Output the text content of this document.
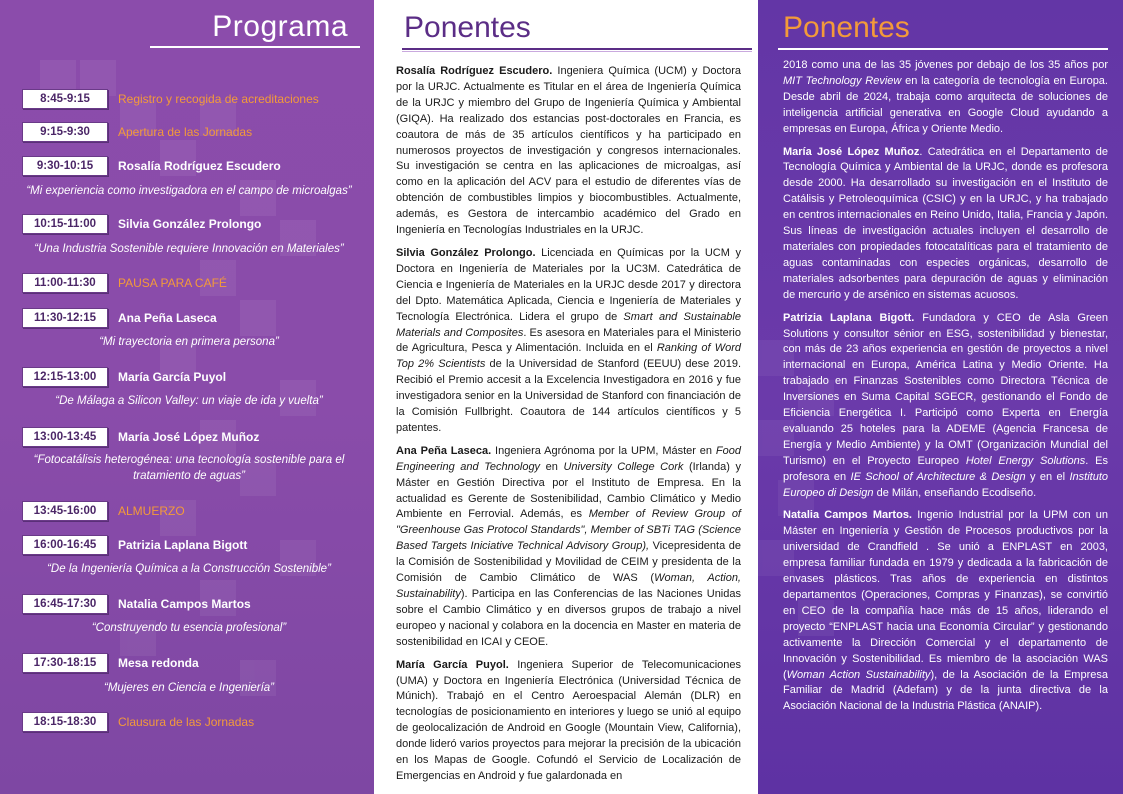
Programa
8:45-9:15	Registro y recogida de acreditaciones
9:15-9:30	Apertura de las Jornadas
9:30-10:15	Rosalía Rodríguez Escudero
“Mi experiencia como investigadora en el campo de microalgas”
10:15-11:00	Silvia González Prolongo
“Una Industria Sostenible requiere Innovación en Materiales”
11:00-11:30	PAUSA PARA CAFÉ
11:30-12:15	Ana Peña Laseca
“Mi trayectoria en primera persona”
12:15-13:00	María García Puyol
“De Málaga a Silicon Valley: un viaje de ida y vuelta”
13:00-13:45	María José López Muñoz
“Fotocatálisis heterogénea: una tecnología sostenible para el tratamiento de aguas”
13:45-16:00	ALMUERZO
16:00-16:45	Patrizia Laplana Bigott
“De la Ingeniería Química a la Construcción Sostenible”
16:45-17:30	Natalia Campos Martos
“Construyendo tu esencia profesional”
17:30-18:15	Mesa redonda
“Mujeres en Ciencia e Ingeniería”
18:15-18:30	Clausura de las Jornadas
Ponentes

Rosalía Rodríguez Escudero. Ingeniera Química (UCM) y Doctora por la URJC. Actualmente es Titular en el área de Ingeniería Química de la URJC y miembro del Grupo de Ingeniería Química y Ambiental (GIQA). Ha realizado dos estancias post-doctorales en Francia, es coautora de más de 35 artículos científicos y ha participado en numerosos proyectos de investigación y congresos internacionales. Su investigación se centra en las aplicaciones de microalgas, así como en la aplicación del ACV para el estudio de diferentes vías de obtención de combustibles limpios y biocombustibles. Actualmente, además, es Gestora de intercambio académico del Grado en Ingeniería en Tecnologías Industriales en la URJC.

Silvia González Prolongo. Licenciada en Químicas por la UCM y Doctora en Ingeniería de Materiales por la UC3M. Catedrática de Ciencia e Ingeniería de Materiales en la URJC desde 2017 y directora del Dpto. Matemática Aplicada, Ciencia e Ingeniería de Materiales y Tecnología Electrónica. Lidera el grupo de Smart and Sustainable Materials and Composites. Es asesora en Materiales para el Ministerio de Agricultura, Pesca y Alimentación. Incluida en el Ranking of Word Top 2% Scientists de la Universidad de Stanford (EEUU) dese 2019. Recibió el Premio accesit a la Excelencia Investigadora en 2016 y fue investigadora senior en la Universidad de Stanford con financiación de la Comisión Fullbright. Coautora de 144 artículos científicos y 5 patentes.

Ana Peña Laseca. Ingeniera Agrónoma por la UPM, Máster en Food Engineering and Technology en University College Cork (Irlanda) y Máster en Gestión Directiva por el Instituto de Empresa. En la actualidad es Gerente de Sostenibilidad, Cambio Climático y Medio Ambiente en Ferrovial. Además, es Member of Review Group of "Greenhouse Gas Protocol Standards", Member of SBTi TAG (Science Based Targets Iniciative Technical Advisory Group), Vicepresidenta de la Comisión de Sostenibilidad y Movilidad de CEIM y presidenta de la Comisión de Cambio Climático de WAS (Woman, Action, Sustainability). Participa en las Conferencias de las Naciones Unidas sobre el Cambio Climático y en diversos grupos de trabajo a nivel europeo y nacional y colabora en la docencia en Master en materia de sostenibilidad en ICAI y CEOE.

María García Puyol. Ingeniera Superior de Telecomunicaciones (UMA) y Doctora en Ingeniería Electrónica (Universidad Técnica de Múnich). Trabajó en el Centro Aeroespacial Alemán (DLR) en tecnologías de posicionamiento en interiores y luego se unió al equipo de geolocalización de Android en Google (Mountain View, California), donde lideró varios proyectos para mejorar la precisión de la ubicación en los Mapas de Google. Cofundó el Servicio de Localización de Emergencias en Android y fue galardonada en

Ponentes

2018 como una de las 35 jóvenes por debajo de los 35 años por MIT Technology Review en la categoría de tecnología en Europa. Desde abril de 2024, trabaja como arquitecta de soluciones de inteligencia artificial generativa en Google Cloud ayudando a empresas en Europa, África y Oriente Medio.

María José López Muñoz. Catedrática en el Departamento de Tecnología Química y Ambiental de la URJC, donde es profesora desde 2000. Ha desarrollado su investigación en el Instituto de Catálisis y Petroleoquímica (CSIC) y en la URJC, y ha trabajado en centros internacionales en Reino Unido, Italia, Francia y Japón. Sus líneas de investigación actuales incluyen el desarrollo de materiales con propiedades fotocatalíticas para el tratamiento de aguas contaminadas con especies orgánicas, desarrollo de materiales adsorbentes para depuración de aguas y eliminación de mercurio y de arsénico en sistemas acuosos.

Patrizia Laplana Bigott. Fundadora y CEO de Asla Green Solutions y consultor sénior en ESG, sostenibilidad y bienestar, con más de 23 años experiencia en gestión de proyectos a nivel internacional en Europa, América Latina y Medio Oriente. Ha trabajado en Finanzas Sostenibles como Directora Técnica de Inversiones en Suma Capital SGECR, gestionando el Fondo de Eficiencia Energética I. Participó como Experta en Energía evaluando 25 hoteles para la ADEME (Agencia Francesa de Energía y Medio Ambiente) y la OMT (Organización Mundial del Turismo) en el Proyecto Europeo Hotel Energy Solutions. Es profesora en IE School of Architecture & Design y en el Instituto Europeo di Design de Milán, enseñando Ecodiseño.

Natalia Campos Martos. Ingenio Industrial por la UPM con un Máster en Ingeniería y Gestión de Procesos productivos por la universidad de Crandfield . Se unió a ENPLAST en 2003, empresa familiar fundada en 1979 y dedicada a la fabricación de envases plásticos. Tras años de experiencia en distintos departamentos (Operaciones, Compras y Finanzas), se convirtió en CEO de la compañía hace más de 15 años, liderando el proyecto “ENPLAST hacia una Economía Circular” y gestionando activamente la Dirección Comercial y el departamento de Innovación y Sostenibilidad. Es miembro de la asociación WAS (Woman Action Sustainability), de la Asociación de la Empresa Familiar de Madrid (Adefam) y de la junta directiva de la Asociación Nacional de la Industria Plástica (ANAIP).
